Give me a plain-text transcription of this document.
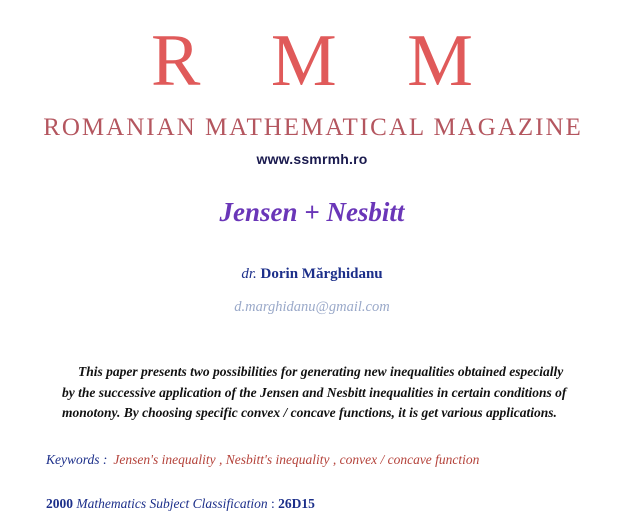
R M M
ROMANIAN MATHEMATICAL MAGAZINE
www.ssmrmh.ro
Jensen + Nesbitt
dr. Dorin Mărghidanu
d.marghidanu@gmail.com
This paper presents two possibilities for generating new inequalities obtained especially by the successive application of the Jensen and Nesbitt inequalities in certain conditions of monotony. By choosing specific convex / concave functions, it is get various applications.
Keywords : Jensen's inequality , Nesbitt's inequality , convex / concave function
2000 Mathematics Subject Classification : 26D15
